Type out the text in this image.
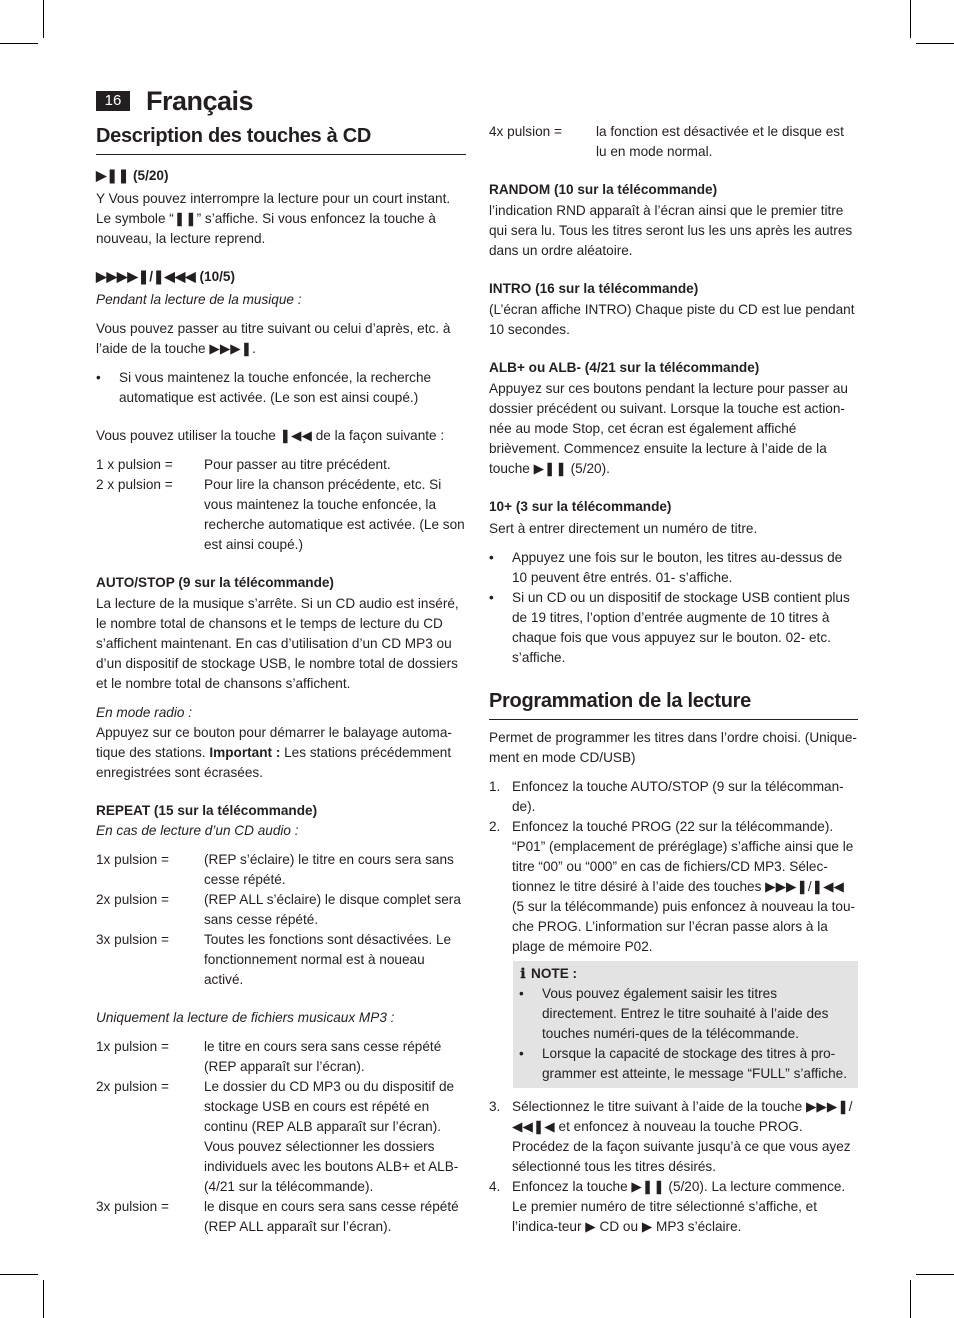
16 Français
Description des touches à CD

▶❚❚ (5/20)

Y Vous pouvez interrompre la lecture pour un court instant. Le symbole “❚❚” s’affiche. Si vous enfoncez la touche à nouveau, la lecture reprend.

▶▶▶▶❚/❚◀◀◀ (10/5)

Pendant la lecture de la musique :

Vous pouvez passer au titre suivant ou celui d’après, etc. à l’aide de la touche ▶▶▶❚.

•	Si vous maintenez la touche enfoncée, la recherche automatique est activée. (Le son est ainsi coupé.)

Vous pouvez utiliser la touche ❚◀◀ de la façon suivante :

1 x pulsion =	Pour passer au titre précédent.
2 x pulsion =	Pour lire la chanson précédente, etc. Si vous maintenez la touche enfoncée, la recherche automatique est activée. (Le son est ainsi coupé.)

AUTO/STOP (9 sur la télécommande)

La lecture de la musique s’arrête. Si un CD audio est inséré, le nombre total de chansons et le temps de lecture du CD s’affichent maintenant. En cas d’utilisation d’un CD MP3 ou d’un dispositif de stockage USB, le nombre total de dossiers et le nombre total de chansons s’affichent.

En mode radio :

Appuyez sur ce bouton pour démarrer le balayage automa-tique des stations. Important : Les stations précédemment enregistrées sont écrasées.

REPEAT (15 sur la télécommande)

En cas de lecture d’un CD audio :

1x pulsion =	(REP s’éclaire) le titre en cours sera sans cesse répété.
2x pulsion =	(REP ALL s’éclaire) le disque complet sera sans cesse répété.
3x pulsion =	Toutes les fonctions sont désactivées. Le fonctionnement normal est à noueau activé.

Uniquement la lecture de fichiers musicaux MP3 :

1x pulsion =	le titre en cours sera sans cesse répété (REP apparaît sur l’écran).
2x pulsion =	Le dossier du CD MP3 ou du dispositif de stockage USB en cours est répété en continu (REP ALB apparaît sur l’écran). Vous pouvez sélectionner les dossiers individuels avec les boutons ALB+ et ALB- (4/21 sur la télécommande).
3x pulsion =	le disque en cours sera sans cesse répété (REP ALL apparaît sur l’écran).
4x pulsion =	la fonction est désactivée et le disque est lu en mode normal.

RANDOM (10 sur la télécommande)

l’indication RND apparaît à l’écran ainsi que le premier titre qui sera lu. Tous les titres seront lus les uns après les autres dans un ordre aléatoire.

INTRO (16 sur la télécommande)

(L’écran affiche INTRO) Chaque piste du CD est lue pendant 10 secondes.

ALB+ ou ALB- (4/21 sur la télécommande)

Appuyez sur ces boutons pendant la lecture pour passer au dossier précédent ou suivant. Lorsque la touche est action-née au mode Stop, cet écran est également affiché brièvement. Commencez ensuite la lecture à l’aide de la touche ▶❚❚ (5/20).

10+ (3 sur la télécommande)

Sert à entrer directement un numéro de titre.

•	Appuyez une fois sur le bouton, les titres au-dessus de 10 peuvent être entrés. 01- s’affiche.
•	Si un CD ou un dispositif de stockage USB contient plus de 19 titres, l’option d’entrée augmente de 10 titres à chaque fois que vous appuyez sur le bouton. 02- etc. s’affiche.
Programmation de la lecture

Permet de programmer les titres dans l’ordre choisi. (Unique-ment en mode CD/USB)

1. Enfoncez la touche AUTO/STOP (9 sur la télécomman-de).
2. Enfoncez la touché PROG (22 sur la télécommande). “P01” (emplacement de préréglage) s’affiche ainsi que le titre “00” ou “000” en cas de fichiers/CD MP3. Sélec-tionnez le titre désiré à l’aide des touches ▶▶▶❚/❚◀◀ (5 sur la télécommande) puis enfoncez à nouveau la tou-che PROG. L’information sur l’écran passe alors à la plage de mémoire P02.

ℹ NOTE :

•	Vous pouvez également saisir les titres directement. Entrez le titre souhaité à l’aide des touches numéri-ques de la télécommande.
•	Lorsque la capacité de stockage des titres à pro-grammer est atteinte, le message “FULL” s’affiche.
3. Sélectionnez le titre suivant à l’aide de la touche ▶▶▶❚/◀◀❚◀ et enfoncez à nouveau la touche PROG. Procédez de la façon suivante jusqu’à ce que vous ayez sélectionné tous les titres désirés.
4. Enfoncez la touche ▶❚❚ (5/20). La lecture commence. Le premier numéro de titre sélectionné s’affiche, et l’indica-teur ▶ CD ou ▶ MP3 s’éclaire.
